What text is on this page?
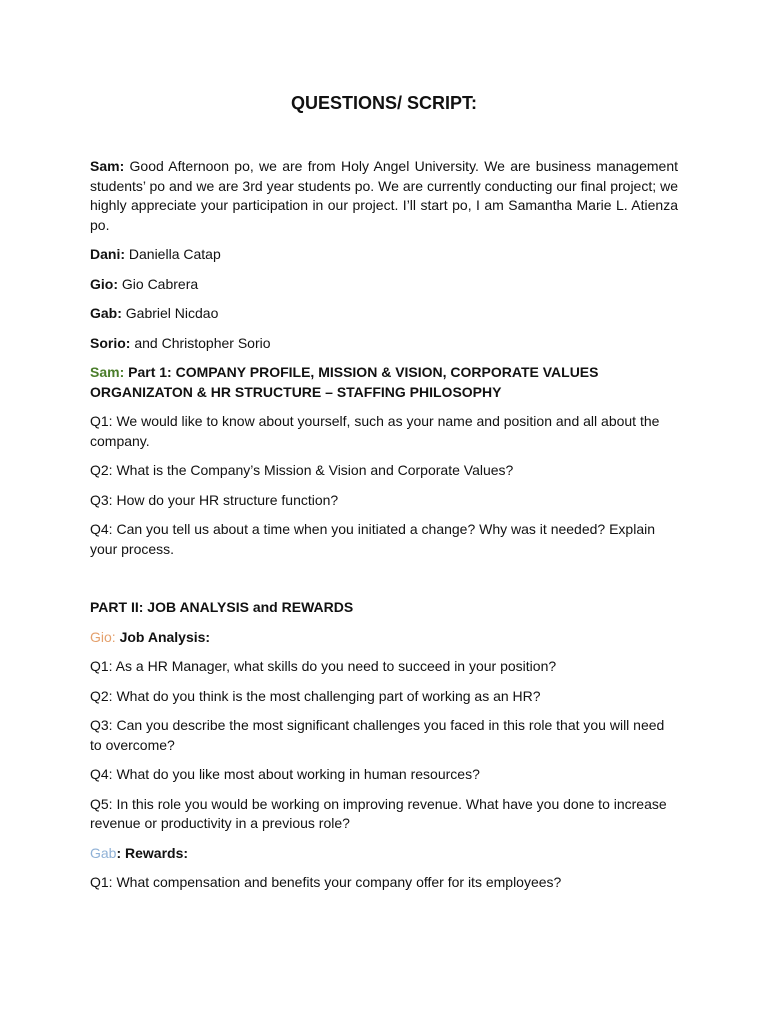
QUESTIONS/ SCRIPT:

Sam: Good Afternoon po, we are from Holy Angel University. We are business management students’ po and we are 3rd year students po. We are currently conducting our final project; we highly appreciate your participation in our project. I’ll start po, I am Samantha Marie L. Atienza po.

Dani: Daniella Catap

Gio: Gio Cabrera

Gab: Gabriel Nicdao

Sorio: and Christopher Sorio

Sam: Part 1: COMPANY PROFILE, MISSION & VISION, CORPORATE VALUES ORGANIZATON & HR STRUCTURE – STAFFING PHILOSOPHY

Q1: We would like to know about yourself, such as your name and position and all about the company.

Q2: What is the Company’s Mission & Vision and Corporate Values?

Q3: How do your HR structure function?

Q4: Can you tell us about a time when you initiated a change? Why was it needed? Explain your process.

PART II: JOB ANALYSIS and REWARDS

Gio: Job Analysis:

Q1: As a HR Manager, what skills do you need to succeed in your position?

Q2: What do you think is the most challenging part of working as an HR?

Q3: Can you describe the most significant challenges you faced in this role that you will need to overcome?

Q4: What do you like most about working in human resources?

Q5: In this role you would be working on improving revenue. What have you done to increase revenue or productivity in a previous role?

Gab: Rewards:

Q1: What compensation and benefits your company offer for its employees?
